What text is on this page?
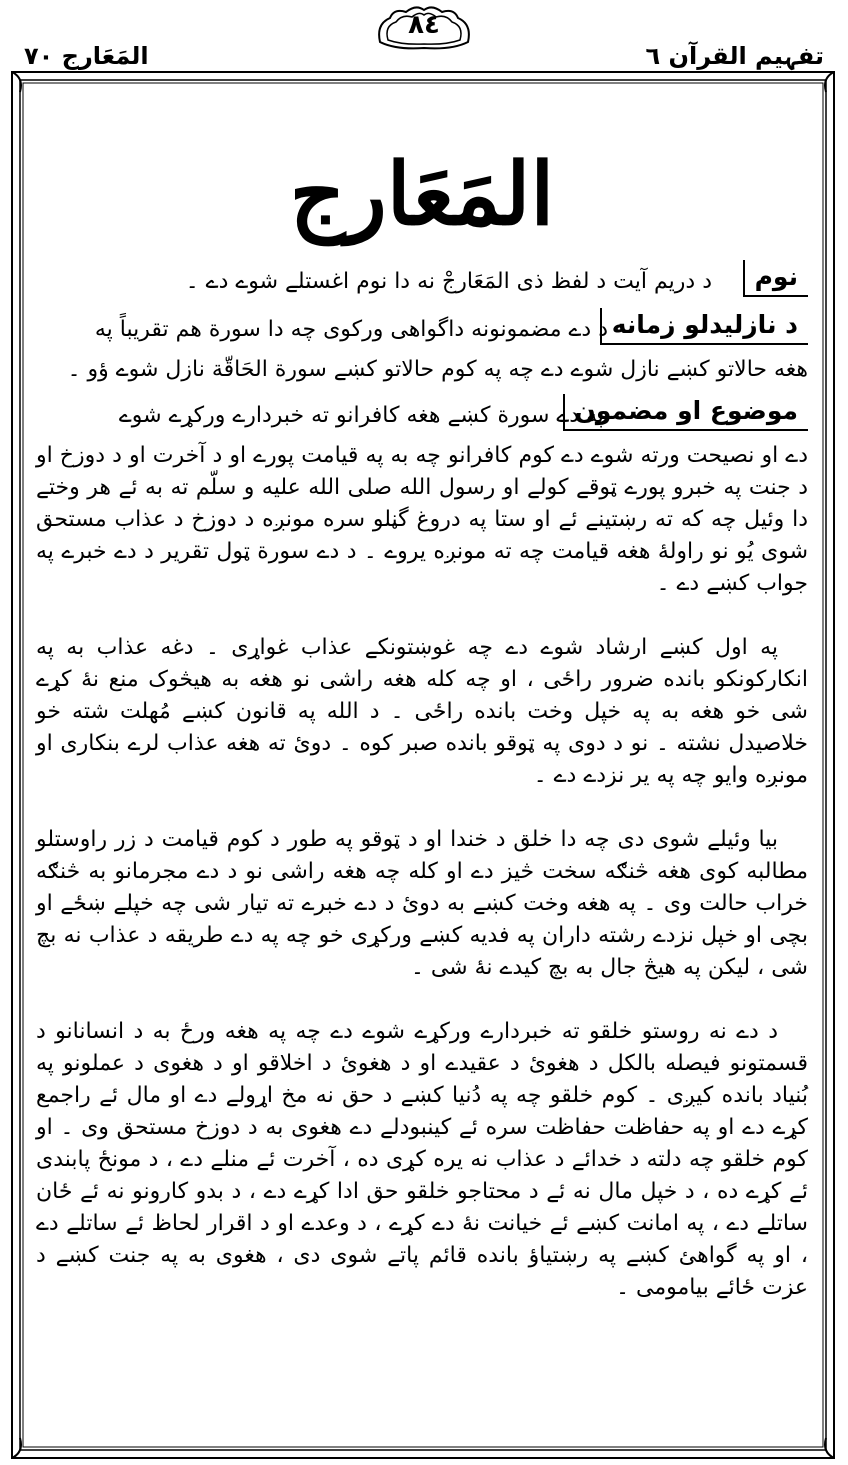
تفہیم القرآن ٦
٨٤
المَعَارج ٧٠
المَعَارج
نوم
د دریم آیت د لفظ ذی المَعَارجْ نه دا نوم اغستلے شوے دے ۔
د نازلیدلو زمانه
د دے مضمونونه داگواهی ورکوی چه دا سورة هم تقریباً په
هغه حالاتو کښے نازل شوے دے چه په کوم حالاتو کښے سورة الحَاقّة نازل شوے ؤو ۔
موضوع او مضمون
په دے سورة کښے هغه کافرانو ته خبردارے ورکړے شوے

دے او نصیحت ورته شوے دے کوم کافرانو چه به په قیامت پورے او د آخرت او د دوزخ او د جنت په خبرو پورے ټوقے کولے او رسول الله صلی الله علیه و سلّم ته به ئے هر وختے دا وئیل چه که ته رښتینے ئے او ستا په دروغ گڼلو سره مونږه د دوزخ د عذاب مستحق شوی یُو نو راولهٔ هغه قیامت چه ته مونږه یروے ۔ د دے سورة ټول تقریر د دے خبرے په جواب کښے دے ۔

په اول کښے ارشاد شوے دے چه غوښتونکے عذاب غواړی ۔ دغه عذاب به په انکارکونکو بانده ضرور راځی ، او چه کله هغه راشی نو هغه به هیڅوک منع نهٔ کړے شی خو هغه به په خپل وخت بانده راځی ۔ د الله په قانون کښے مُهلت شته خو خلاصیدل نشته ۔ نو د دوی په ټوقو بانده صبر کوه ۔ دوئ ته هغه عذاب لرے بنکاری او مونږه وایو چه په یر نزدے دے ۔

بیا وئیلے شوی دی چه دا خلق د خندا او د ټوقو په طور د کوم قیامت د زر راوستلو مطالبه کوی هغه څنګه سخت څیز دے او کله چه هغه راشی نو د دے مجرمانو به څنګه خراب حالت وی ۔ په هغه وخت کښے به دوئ د دے خبرے ته تیار شی چه خپلے ښځے او بچی او خپل نزدے رشته داران په فدیه کښے ورکړی خو چه په دے طریقه د عذاب نه بچ شی ، لیکن په هیڅ جال به بچ کیدے نهٔ شی ۔

د دے نه روستو خلقو ته خبردارے ورکړے شوے دے چه په هغه ورځ به د انسانانو د قسمتونو فیصله بالکل د هغوئ د عقیدے او د هغوئ د اخلاقو او د هغوی د عملونو په بُنیاد بانده کیږی ۔ کوم خلقو چه په دُنیا کښے د حق نه مخ اړولے دے او مال ئے راجمع کړے دے او په حفاظت حفاظت سره ئے کینبودلے دے هغوی به د دوزخ مستحق وی ۔ او کوم خلقو چه دلته د خدائے د عذاب نه یره کړی ده ، آخرت ئے منلے دے ، د مونځ پابندی ئے کړے ده ، د خپل مال نه ئے د محتاجو خلقو حق ادا کړے دے ، د بدو کارونو نه ئے ځان ساتلے دے ، په امانت کښے ئے خیانت نهٔ دے کړے ، د وعدے او د اقرار لحاظ ئے ساتلے دے ، او په گواهئ کښے په رښتیاؤ بانده قائم پاتے شوی دی ، هغوی به په جنت کښے د عزت ځائے بیامومی ۔
